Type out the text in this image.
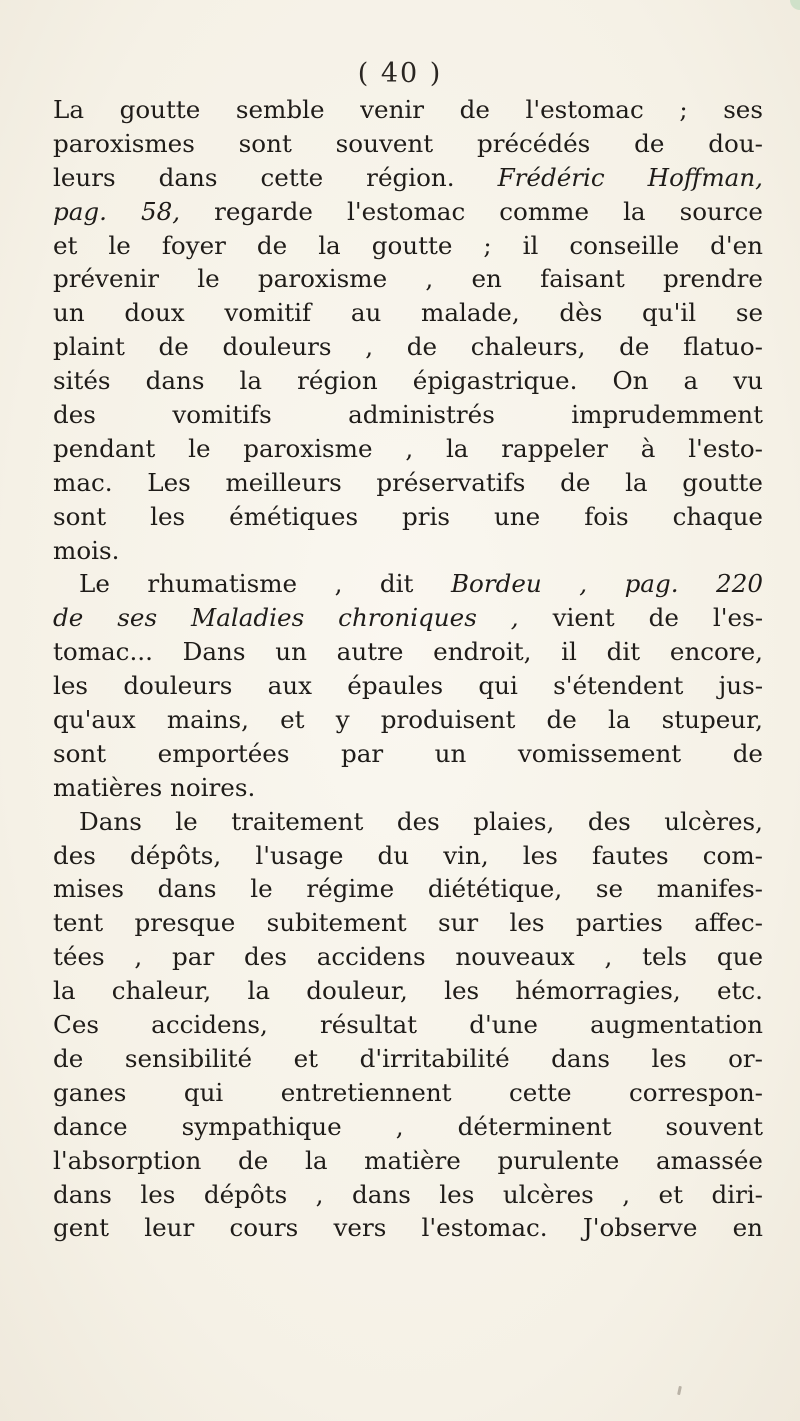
( 40 )
La goutte semble venir de l'estomac ; ses
paroxismes sont souvent précédés de dou-
leurs dans cette région. Frédéric Hoffman,
pag. 58, regarde l'estomac comme la source
et le foyer de la goutte ; il conseille d'en
prévenir le paroxisme , en faisant prendre
un doux vomitif au malade, dès qu'il se
plaint de douleurs , de chaleurs, de flatuo-
sités dans la région épigastrique. On a vu
des vomitifs administrés imprudemment
pendant le paroxisme , la rappeler à l'esto-
mac. Les meilleurs préservatifs de la goutte
sont les émétiques pris une fois chaque
mois.
Le rhumatisme , dit Bordeu , pag. 220
de ses Maladies chroniques , vient de l'es-
tomac... Dans un autre endroit, il dit encore,
les douleurs aux épaules qui s'étendent jus-
qu'aux mains, et y produisent de la stupeur,
sont emportées par un vomissement de
matières noires.
Dans le traitement des plaies, des ulcères,
des dépôts, l'usage du vin, les fautes com-
mises dans le régime diététique, se manifes-
tent presque subitement sur les parties affec-
tées , par des accidens nouveaux , tels que
la chaleur, la douleur, les hémorragies, etc.
Ces accidens, résultat d'une augmentation
de sensibilité et d'irritabilité dans les or-
ganes qui entretiennent cette correspon-
dance sympathique , déterminent souvent
l'absorption de la matière purulente amassée
dans les dépôts , dans les ulcères , et diri-
gent leur cours vers l'estomac. J'observe en
